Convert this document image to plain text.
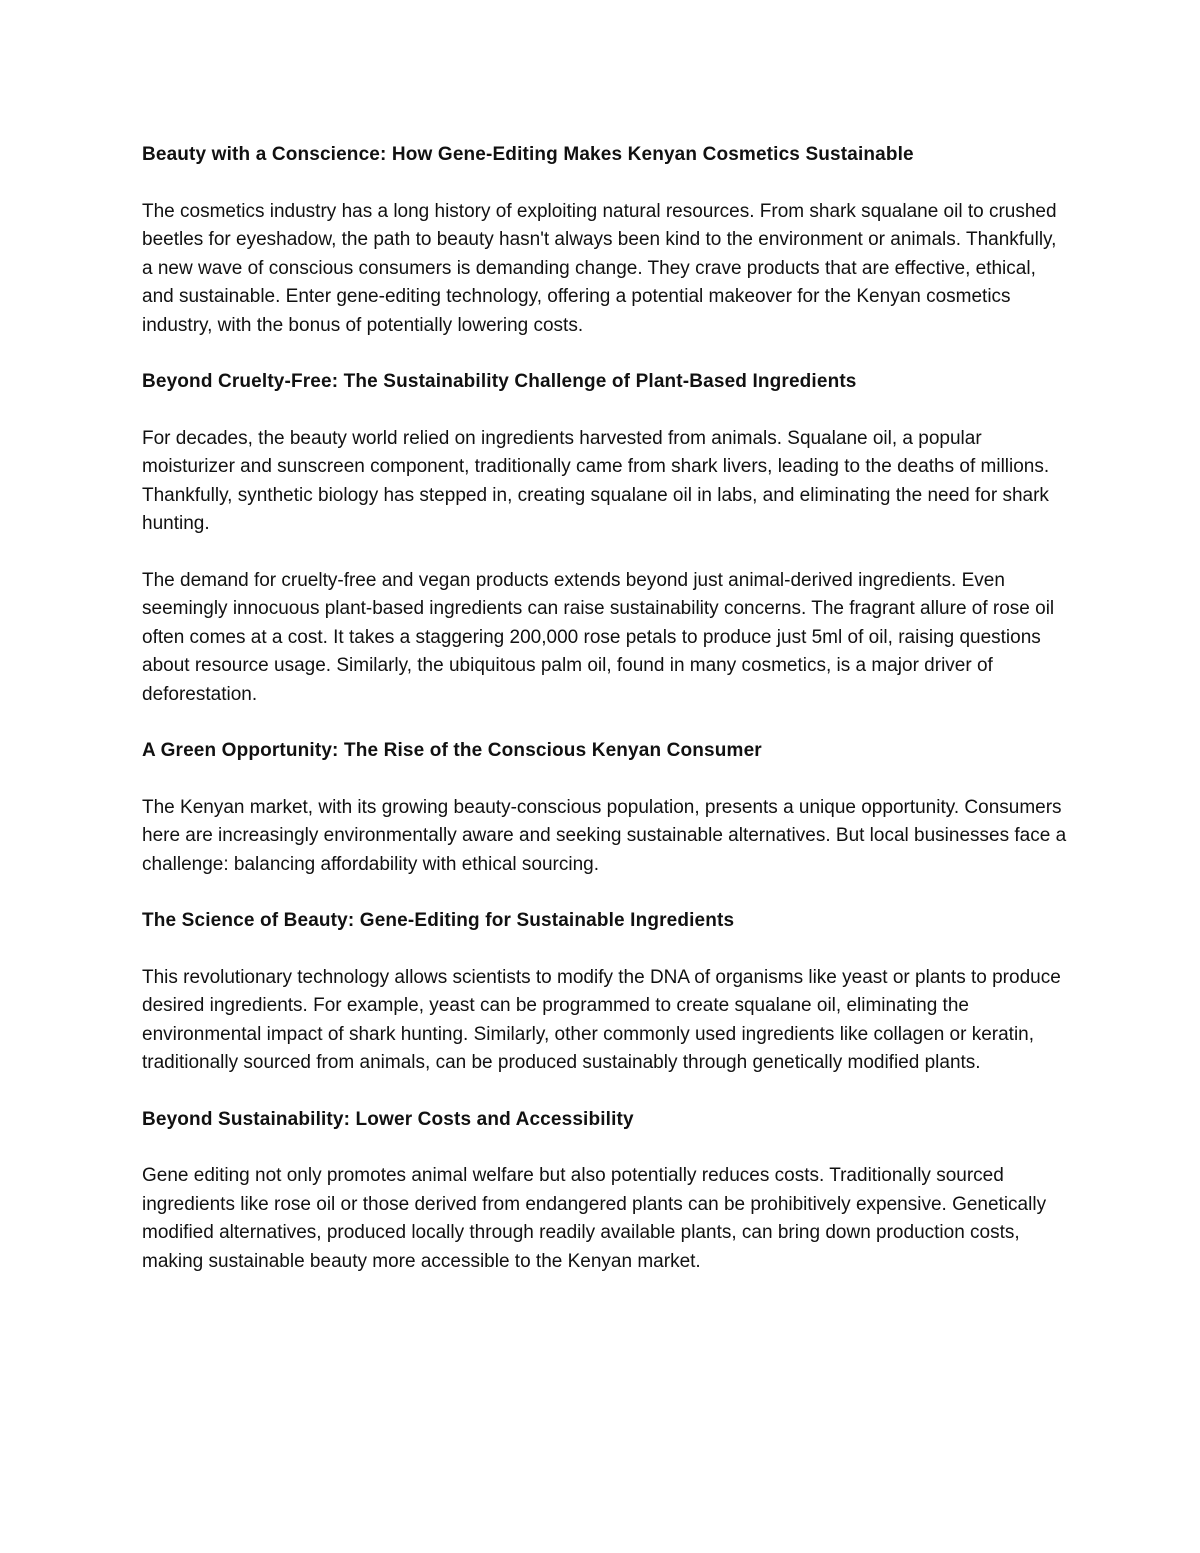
Beauty with a Conscience: How Gene-Editing Makes Kenyan Cosmetics Sustainable
The cosmetics industry has a long history of exploiting natural resources. From shark squalane oil to crushed beetles for eyeshadow, the path to beauty hasn't always been kind to the environment or animals. Thankfully, a new wave of conscious consumers is demanding change. They crave products that are effective, ethical, and sustainable. Enter gene-editing technology, offering a potential makeover for the Kenyan cosmetics industry, with the bonus of potentially lowering costs.
Beyond Cruelty-Free: The Sustainability Challenge of Plant-Based Ingredients
For decades, the beauty world relied on ingredients harvested from animals. Squalane oil, a popular moisturizer and sunscreen component, traditionally came from shark livers, leading to the deaths of millions. Thankfully, synthetic biology has stepped in, creating squalane oil in labs, and eliminating the need for shark hunting.
The demand for cruelty-free and vegan products extends beyond just animal-derived ingredients. Even seemingly innocuous plant-based ingredients can raise sustainability concerns. The fragrant allure of rose oil often comes at a cost. It takes a staggering 200,000 rose petals to produce just 5ml of oil, raising questions about resource usage. Similarly, the ubiquitous palm oil, found in many cosmetics, is a major driver of deforestation.
A Green Opportunity: The Rise of the Conscious Kenyan Consumer
The Kenyan market, with its growing beauty-conscious population, presents a unique opportunity. Consumers here are increasingly environmentally aware and seeking sustainable alternatives. But local businesses face a challenge: balancing affordability with ethical sourcing.
The Science of Beauty: Gene-Editing for Sustainable Ingredients
This revolutionary technology allows scientists to modify the DNA of organisms like yeast or plants to produce desired ingredients. For example, yeast can be programmed to create squalane oil, eliminating the environmental impact of shark hunting. Similarly, other commonly used ingredients like collagen or keratin, traditionally sourced from animals, can be produced sustainably through genetically modified plants.
Beyond Sustainability: Lower Costs and Accessibility
Gene editing not only promotes animal welfare but also potentially reduces costs. Traditionally sourced ingredients like rose oil or those derived from endangered plants can be prohibitively expensive. Genetically modified alternatives, produced locally through readily available plants, can bring down production costs, making sustainable beauty more accessible to the Kenyan market.
